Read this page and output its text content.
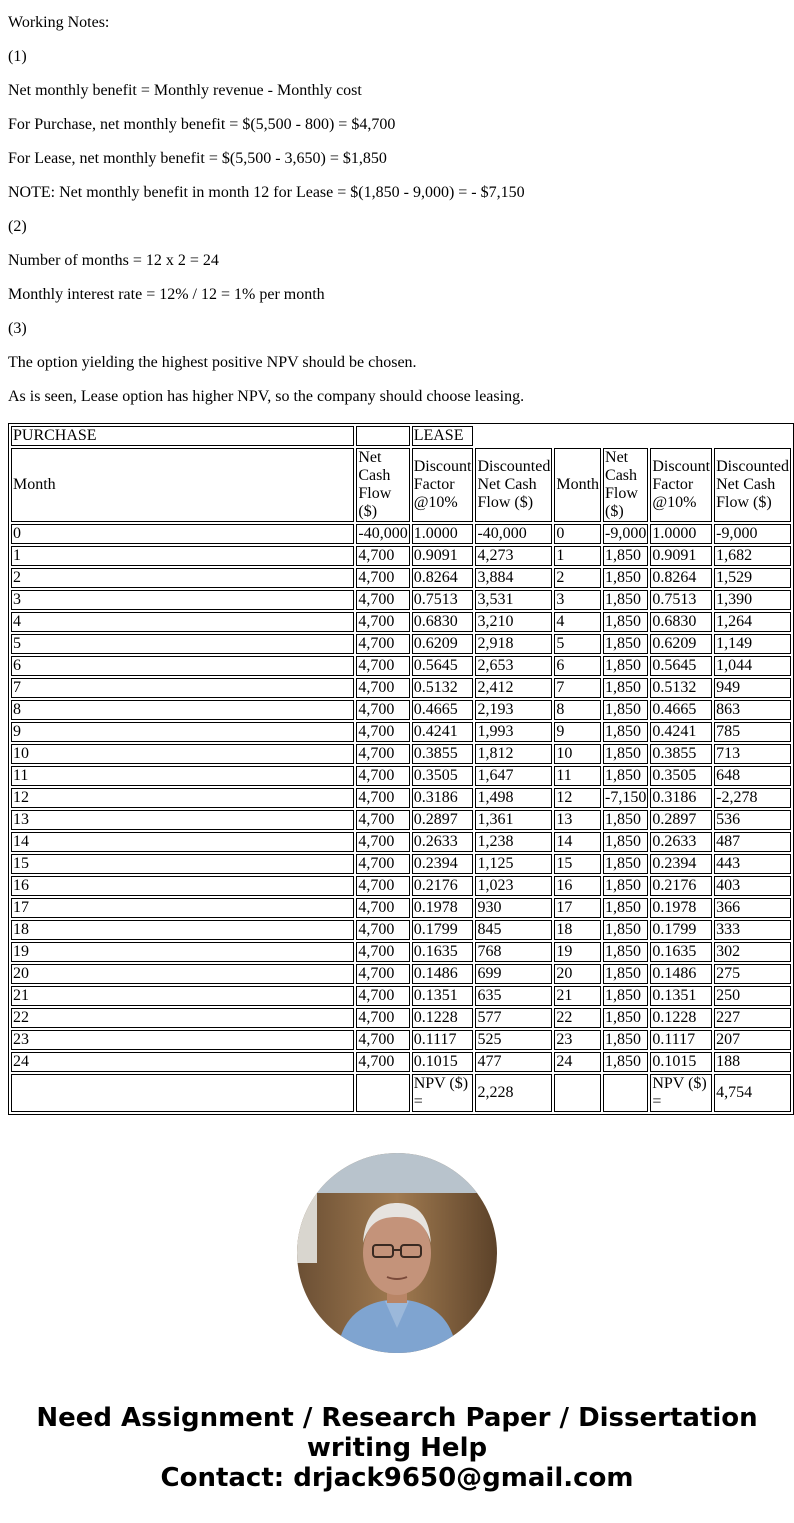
Working Notes:

(1)

Net monthly benefit = Monthly revenue - Monthly cost

For Purchase, net monthly benefit = $(5,500 - 800) = $4,700

For Lease, net monthly benefit = $(5,500 - 3,650) = $1,850

NOTE: Net monthly benefit in month 12 for Lease = $(1,850 - 9,000) = - $7,150

(2)

Number of months = 12 x 2 = 24

Monthly interest rate = 12% / 12 = 1% per month

(3)

The option yielding the highest positive NPV should be chosen.

As is seen, Lease option has higher NPV, so the company should choose leasing.

PURCHASE		LEASE					
Month	Net Cash Flow ($)	Discount Factor @10%	Discounted Net Cash Flow ($)	Month	Net Cash Flow ($)	Discount Factor @10%	Discounted Net Cash Flow ($)
0	-40,000	1.0000	-40,000	0	-9,000	1.0000	-9,000
1	4,700	0.9091	4,273	1	1,850	0.9091	1,682
2	4,700	0.8264	3,884	2	1,850	0.8264	1,529
3	4,700	0.7513	3,531	3	1,850	0.7513	1,390
4	4,700	0.6830	3,210	4	1,850	0.6830	1,264
5	4,700	0.6209	2,918	5	1,850	0.6209	1,149
6	4,700	0.5645	2,653	6	1,850	0.5645	1,044
7	4,700	0.5132	2,412	7	1,850	0.5132	949
8	4,700	0.4665	2,193	8	1,850	0.4665	863
9	4,700	0.4241	1,993	9	1,850	0.4241	785
10	4,700	0.3855	1,812	10	1,850	0.3855	713
11	4,700	0.3505	1,647	11	1,850	0.3505	648
12	4,700	0.3186	1,498	12	-7,150	0.3186	-2,278
13	4,700	0.2897	1,361	13	1,850	0.2897	536
14	4,700	0.2633	1,238	14	1,850	0.2633	487
15	4,700	0.2394	1,125	15	1,850	0.2394	443
16	4,700	0.2176	1,023	16	1,850	0.2176	403
17	4,700	0.1978	930	17	1,850	0.1978	366
18	4,700	0.1799	845	18	1,850	0.1799	333
19	4,700	0.1635	768	19	1,850	0.1635	302
20	4,700	0.1486	699	20	1,850	0.1486	275
21	4,700	0.1351	635	21	1,850	0.1351	250
22	4,700	0.1228	577	22	1,850	0.1228	227
23	4,700	0.1117	525	23	1,850	0.1117	207
24	4,700	0.1015	477	24	1,850	0.1015	188
		NPV ($) =	2,228			NPV ($) =	4,754
Need Assignment / Research Paper / Dissertation
writing Help
Contact: drjack9650@gmail.com
